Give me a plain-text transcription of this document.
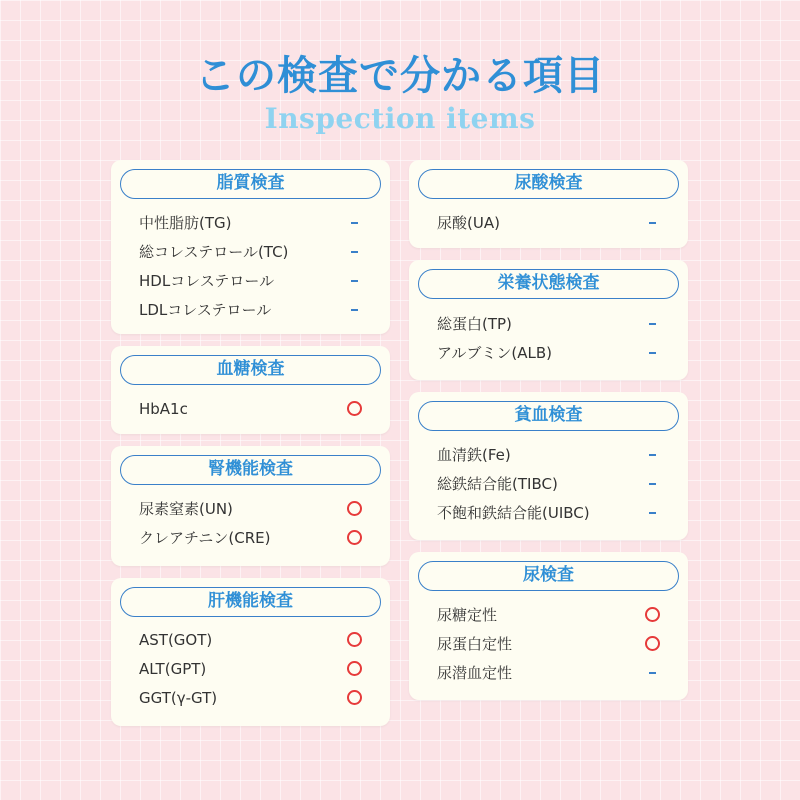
この検査で分かる項目
Inspection items
脂質検査
中性脂肪(TG)
総コレステロール(TC)
HDLコレステロール
LDLコレステロール
血糖検査
HbA1c
腎機能検査
尿素窒素(UN)
クレアチニン(CRE)
肝機能検査
AST(GOT)
ALT(GPT)
GGT(γ-GT)
尿酸検査
尿酸(UA)
栄養状態検査
総蛋白(TP)
アルブミン(ALB)
貧血検査
血清鉄(Fe)
総鉄結合能(TIBC)
不飽和鉄結合能(UIBC)
尿検査
尿糖定性
尿蛋白定性
尿潜血定性
